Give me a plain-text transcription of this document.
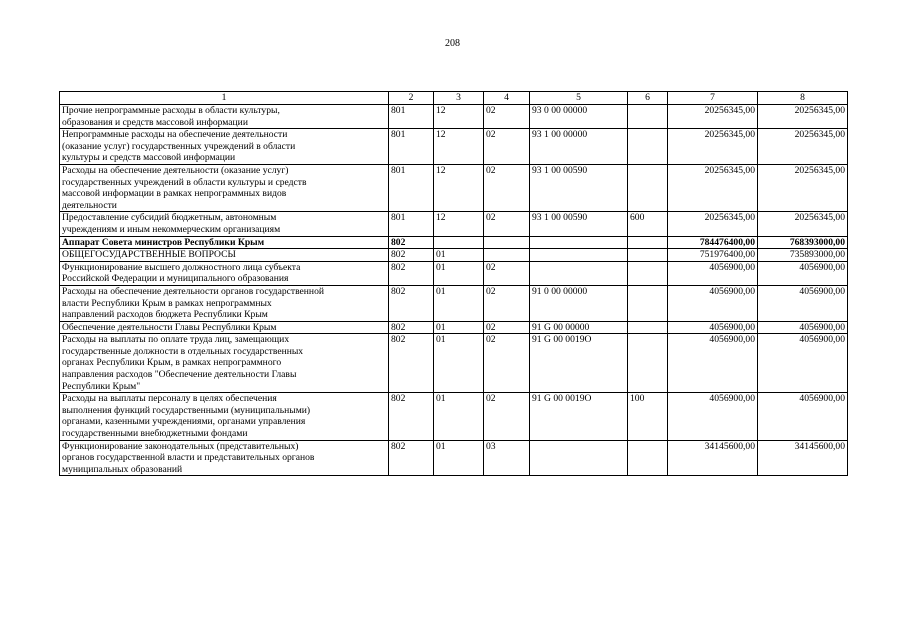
208
1	2	3	4	5	6	7	8

Прочие непрограммные расходы в области культуры,
образования и средств массовой информации	801	12	02	93 0 00 00000		20256345,00	20256345,00

Непрограммные расходы на обеспечение деятельности
(оказание услуг) государственных учреждений в области
культуры и средств массовой информации	801	12	02	93 1 00 00000		20256345,00	20256345,00

Расходы на обеспечение деятельности (оказание услуг)
государственных учреждений в области культуры и средств
массовой информации в рамках непрограммных видов
деятельности	801	12	02	93 1 00 00590		20256345,00	20256345,00

Предоставление субсидий бюджетным, автономным
учреждениям и иным некоммерческим организациям	801	12	02	93 1 00 00590	600	20256345,00	20256345,00

Аппарат Совета министров Республики Крым	802					784476400,00	768393000,00

ОБЩЕГОСУДАРСТВЕННЫЕ ВОПРОСЫ	802	01				751976400,00	735893000,00

Функционирование высшего должностного лица субъекта
Российской Федерации и муниципального образования	802	01	02			4056900,00	4056900,00

Расходы на обеспечение деятельности органов государственной
власти Республики Крым в рамках непрограммных
направлений расходов бюджета Республики Крым	802	01	02	91 0 00 00000		4056900,00	4056900,00

Обеспечение деятельности Главы Республики Крым	802	01	02	91 G 00 00000		4056900,00	4056900,00

Расходы на выплаты по оплате труда лиц, замещающих
государственные должности в отдельных государственных
органах Республики Крым, в рамках непрограммного
направления расходов "Обеспечение деятельности Главы
Республики Крым"	802	01	02	91 G 00 0019O		4056900,00	4056900,00

Расходы на выплаты персоналу в целях обеспечения
выполнения функций государственными (муниципальными)
органами, казенными учреждениями, органами управления
государственными внебюджетными фондами	802	01	02	91 G 00 0019O	100	4056900,00	4056900,00

Функционирование законодательных (представительных)
органов государственной власти и представительных органов
муниципальных образований	802	01	03			34145600,00	34145600,00
